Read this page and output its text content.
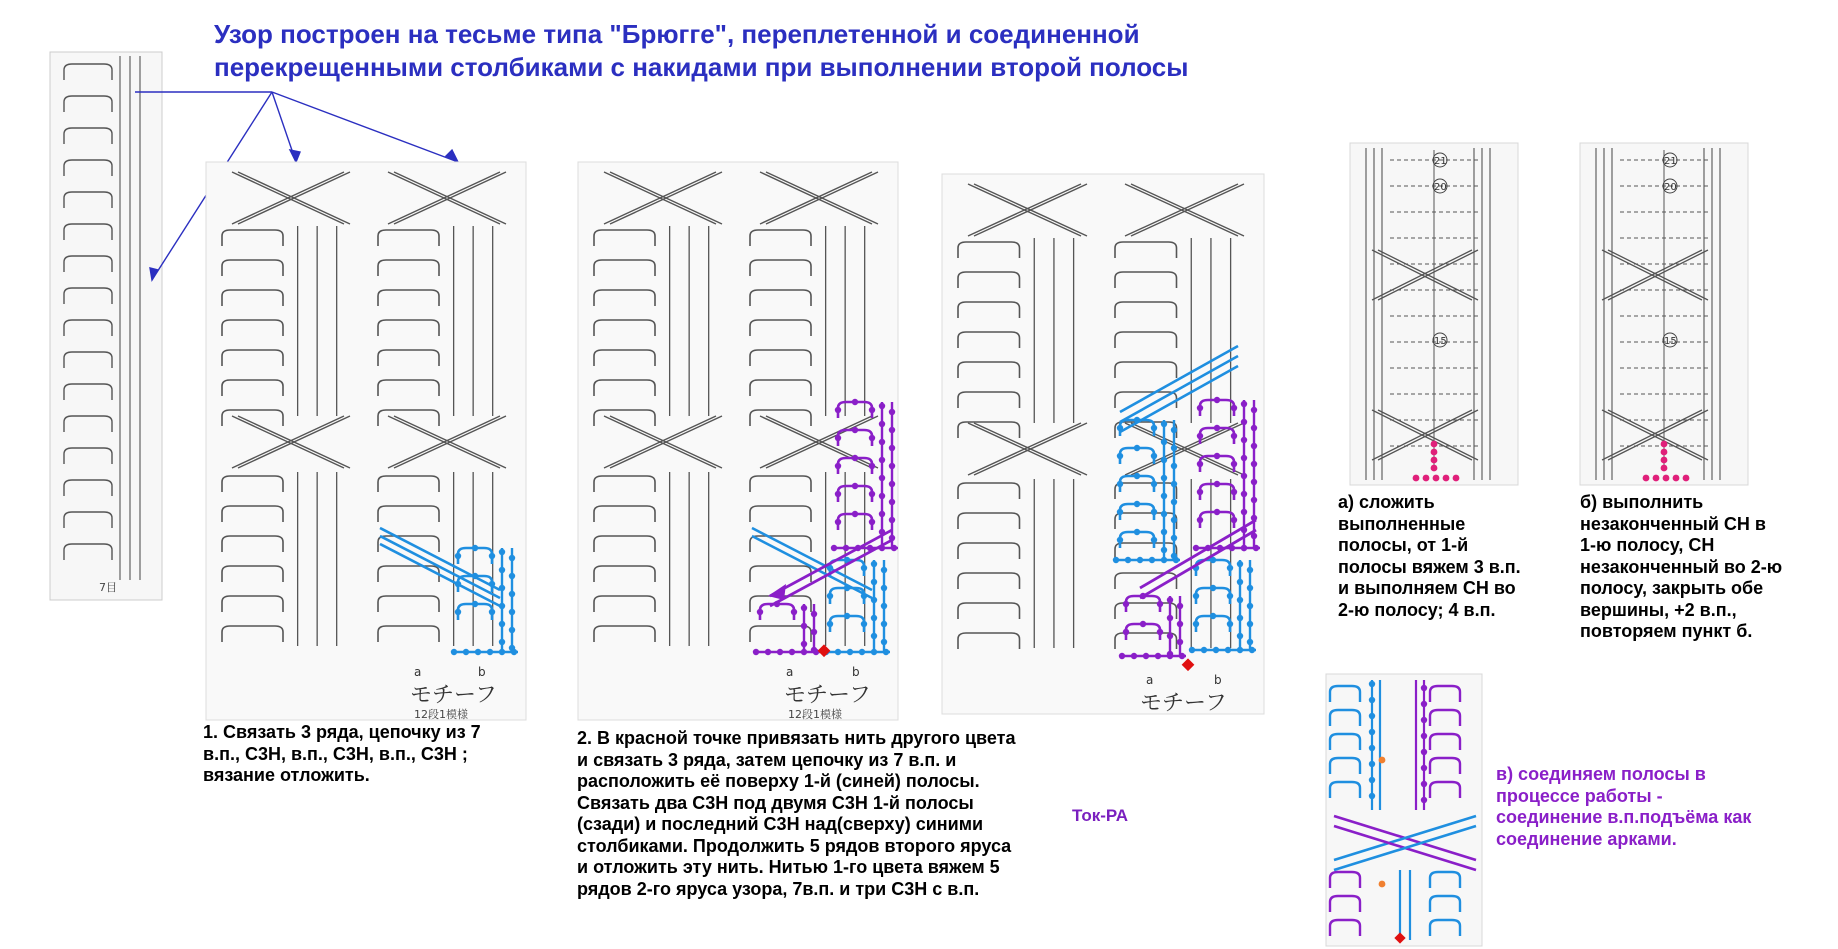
Узор построен на тесьме типа "Брюгге", переплетенной и соединенной
перекрещенными столбиками с накидами при выполнении второй полосы
7目
a	b	a	b
a	b
モチーフ	モチーフ	モチーフ
12段1模様	12段1模様
21
20
15
21
20
15
1. Связать 3 ряда, цепочку из 7
в.п., С3Н, в.п., С3Н, в.п., С3Н ;
вязание отложить.
2. В красной точке привязать нить другого цвета
и связать 3 ряда, затем цепочку из 7 в.п. и
расположить её поверху 1-й (синей) полосы.
Связать два С3Н под двумя С3Н 1-й полосы
(сзади) и последний С3Н над(сверху) синими
столбиками. Продолжить 5 рядов второго яруса
и отложить эту нить. Нитью 1-го цвета вяжем 5
рядов 2-го яруса узора, 7в.п. и три С3Н с в.п.
Ток-РА
а) сложить
выполненные
полосы, от 1-й
полосы вяжем 3 в.п.
и выполняем СН во
2-ю полосу; 4 в.п.
б) выполнить
незаконченный СН в
1-ю полосу, СН
незаконченный во 2-ю
полосу, закрыть обе
вершины, +2 в.п.,
повторяем пункт б.
в) соединяем полосы в
процессе работы -
соединение в.п.подъёма как
соединение арками.
